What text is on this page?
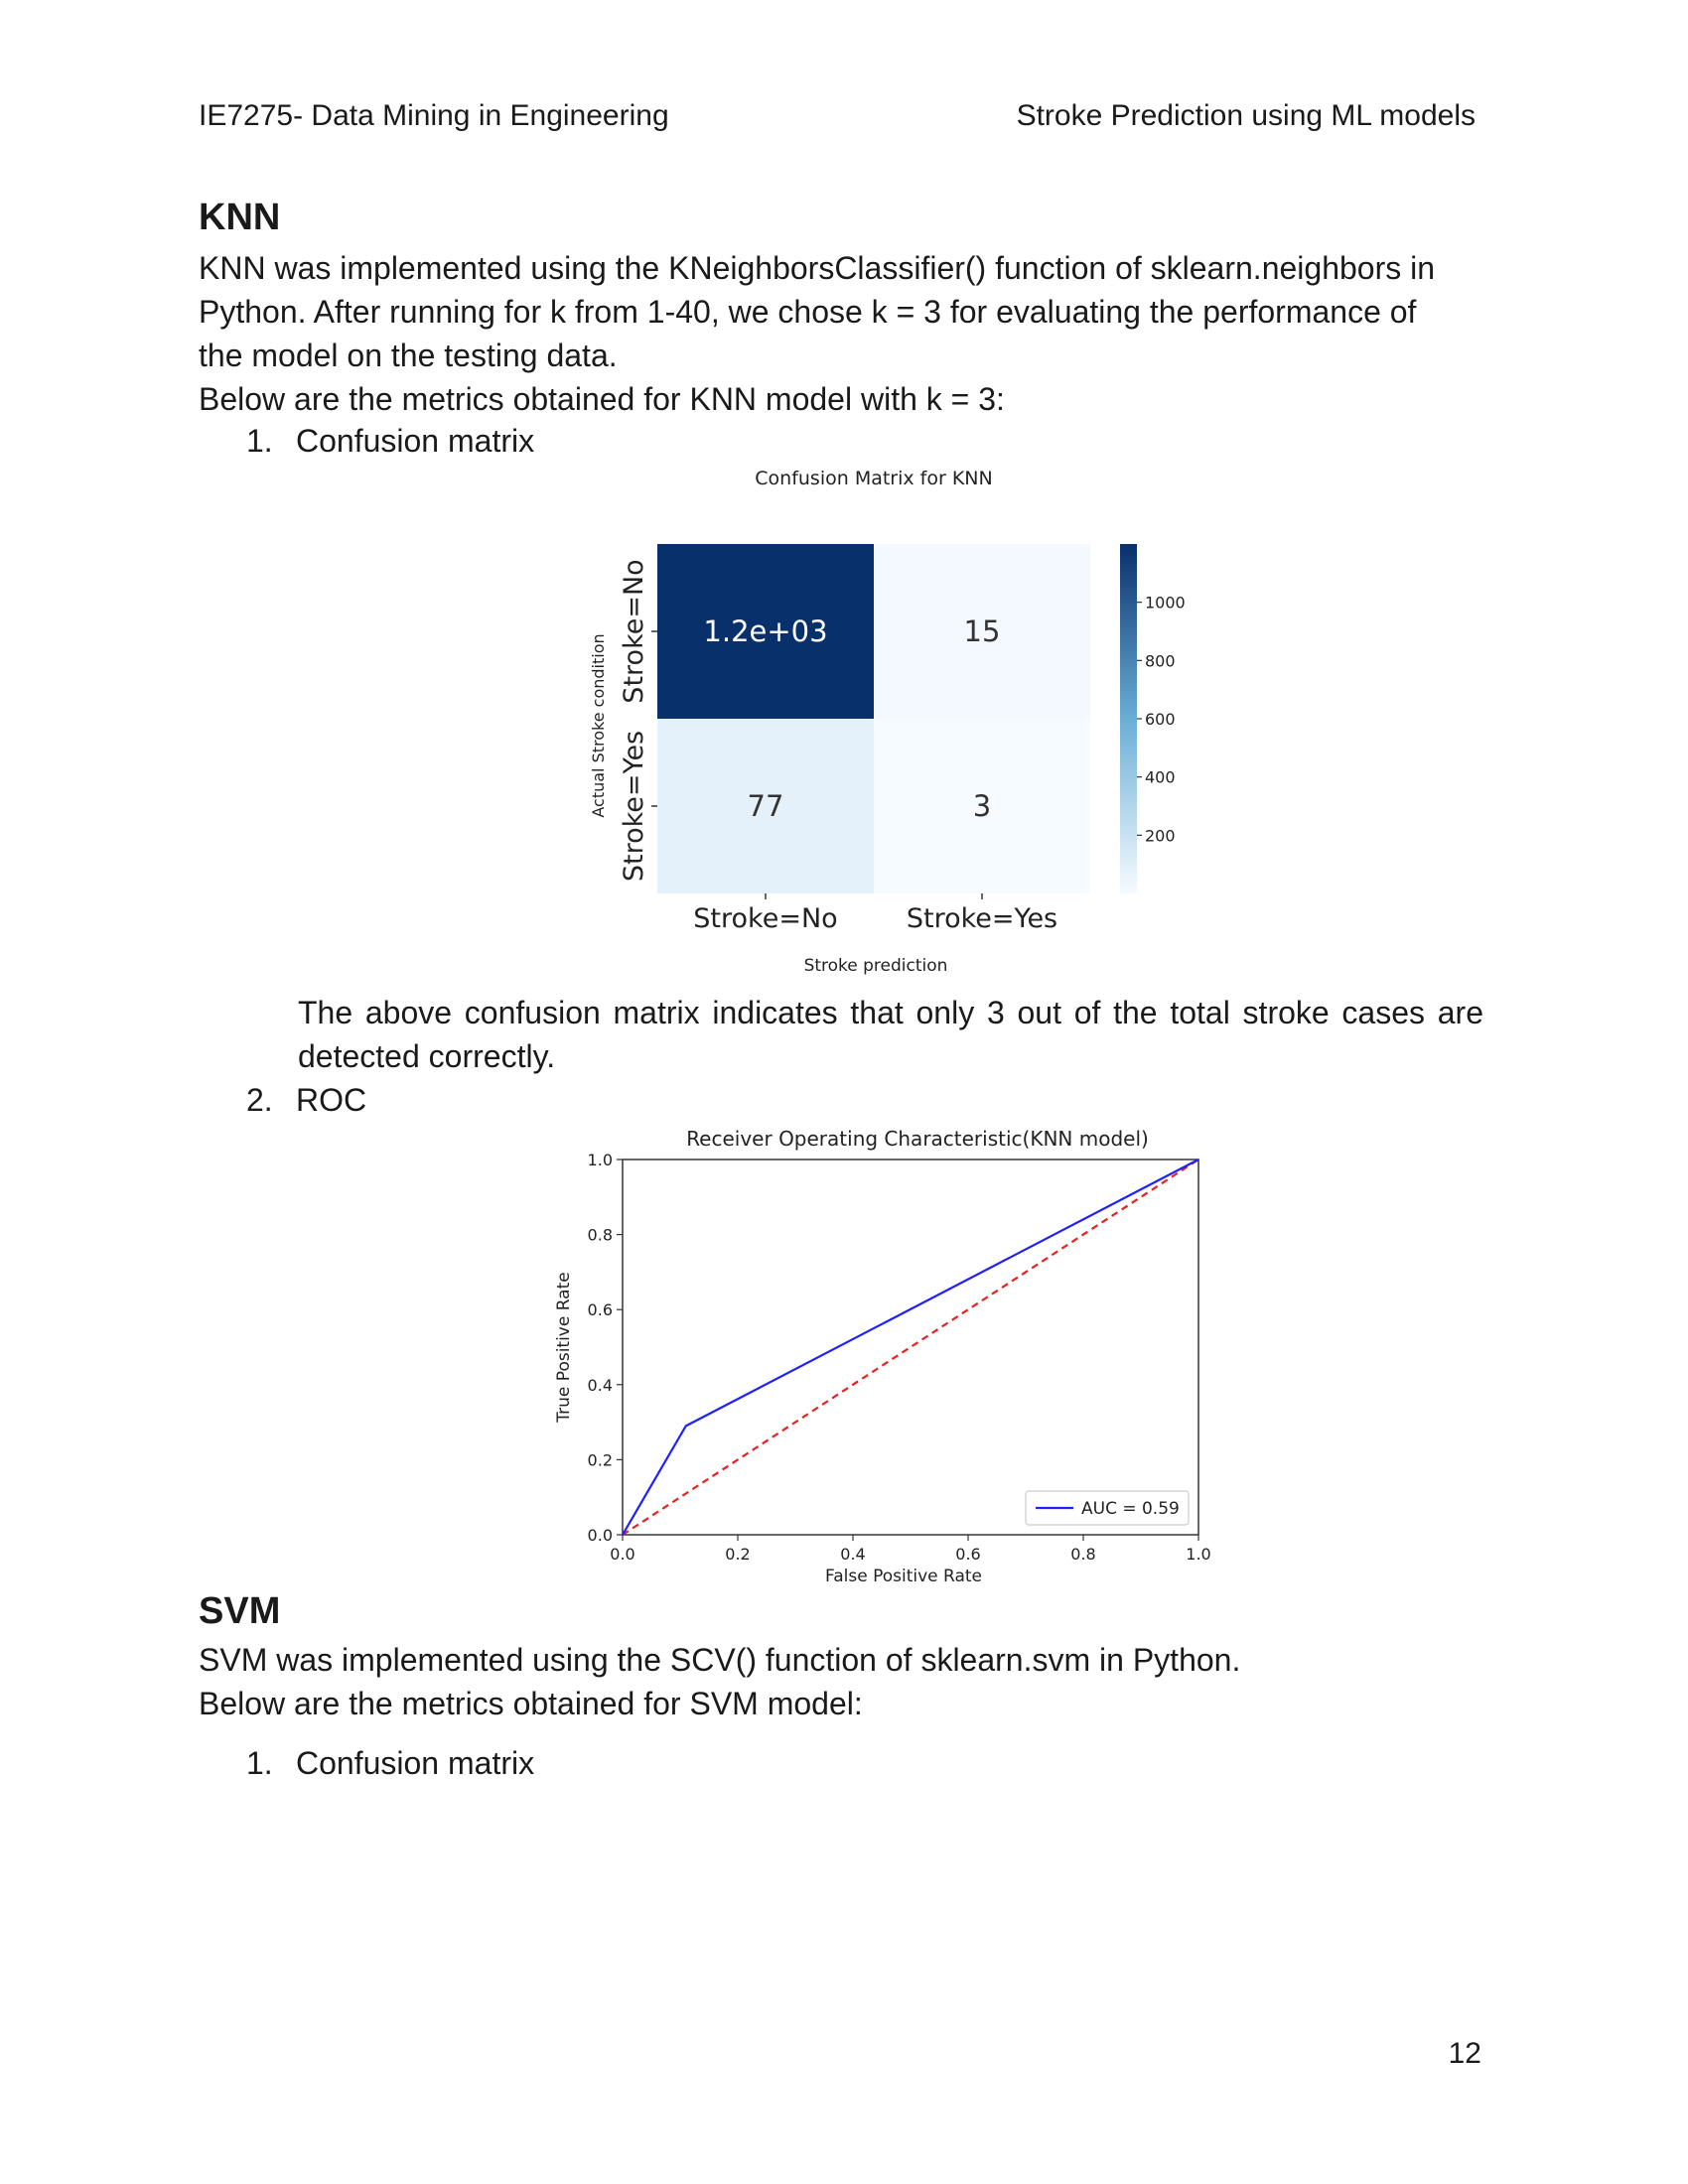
IE7275- Data Mining in Engineering	Stroke Prediction using ML models
KNN

KNN was implemented using the KNeighborsClassifier() function of sklearn.neighbors in

Python. After running for k from 1-40, we chose k = 3 for evaluating the performance of

the model on the testing data.

Below are the metrics obtained for KNN model with k = 3:

1. Confusion matrix
Confusion Matrix for KNN
Actual Stroke condition
Stroke prediction
1.2e+03	15
77	3
Stroke=No	Stroke=Yes
Stroke=No
Stroke=Yes	200
400
600
800
1000
The above confusion matrix indicates that only 3 out of the total stroke cases are detected correctly.
2. ROC
Receiver Operating Characteristic(KNN model)
False Positive Rate
True Positive Rate
0.0	0.2	0.4	0.6	0.8	1.0
0.0
0.2
0.4
0.6
0.8
1.0
AUC = 0.59
SVM

SVM was implemented using the SCV() function of sklearn.svm in Python.

Below are the metrics obtained for SVM model:

1. Confusion matrix
12
